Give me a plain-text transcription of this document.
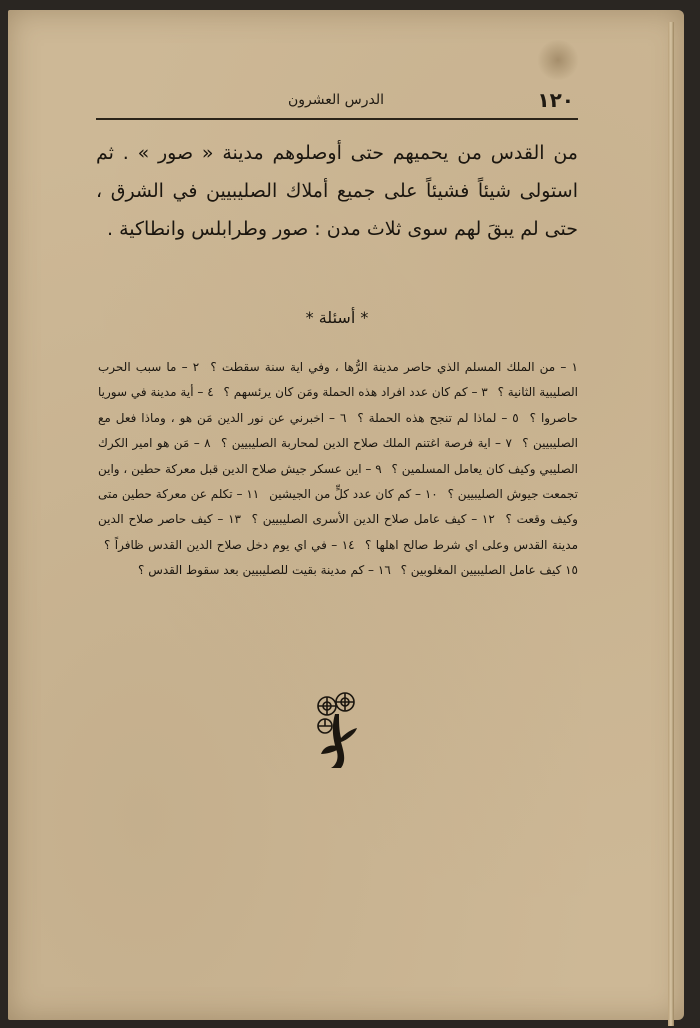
١٢٠
الدرس العشرون

من القدس من يحميهم حتى أوصلوهم مدينة « صور » . ثم استولى شيئاً فشيئاً على جميع أملاك الصليبيين في الشرق ، حتى لم يبقَ لهم سوى ثلاث مدن : صور وطرابلس وانطاكية .

* أسئلة *
١ – من الملك المسلم الذي حاصر مدينة الرُّها ، وفي اية سنة سقطت ؟ ٢ – ما سبب الحرب الصليبية الثانية ؟ ٣ – كم كان عدد افراد هذه الحملة ومَن كان يرئسهم ؟ ٤ – أية مدينة في سوريا حاصروا ؟ ٥ – لماذا لم تنجح هذه الحملة ؟ ٦ – اخبرني عن نور الدين مَن هو ، وماذا فعل مع الصليبيين ؟ ٧ – اية فرصة اغتنم الملك صلاح الدين لمحاربة الصليبيين ؟ ٨ – مَن هو امير الكرك الصليبي وكيف كان يعامل المسلمين ؟ ٩ – اين عسكر جيش صلاح الدين قبل معركة حطين ، واين تجمعت جيوش الصليبيين ؟ ١٠ – كم كان عدد كلٍّ من الجيشين ١١ – تكلم عن معركة حطين متى وكيف وقعت ؟ ١٢ – كيف عامل صلاح الدين الأسرى الصليبيين ؟ ١٣ – كيف حاصر صلاح الدين مدينة القدس وعلى اي شرط صالح اهلها ؟ ١٤ – في اي يوم دخل صلاح الدين القدس ظافراً ؟ ١٥ كيف عامل الصليبيين المغلوبين ؟ ١٦ – كم مدينة بقيت للصليبيين بعد سقوط القدس ؟
